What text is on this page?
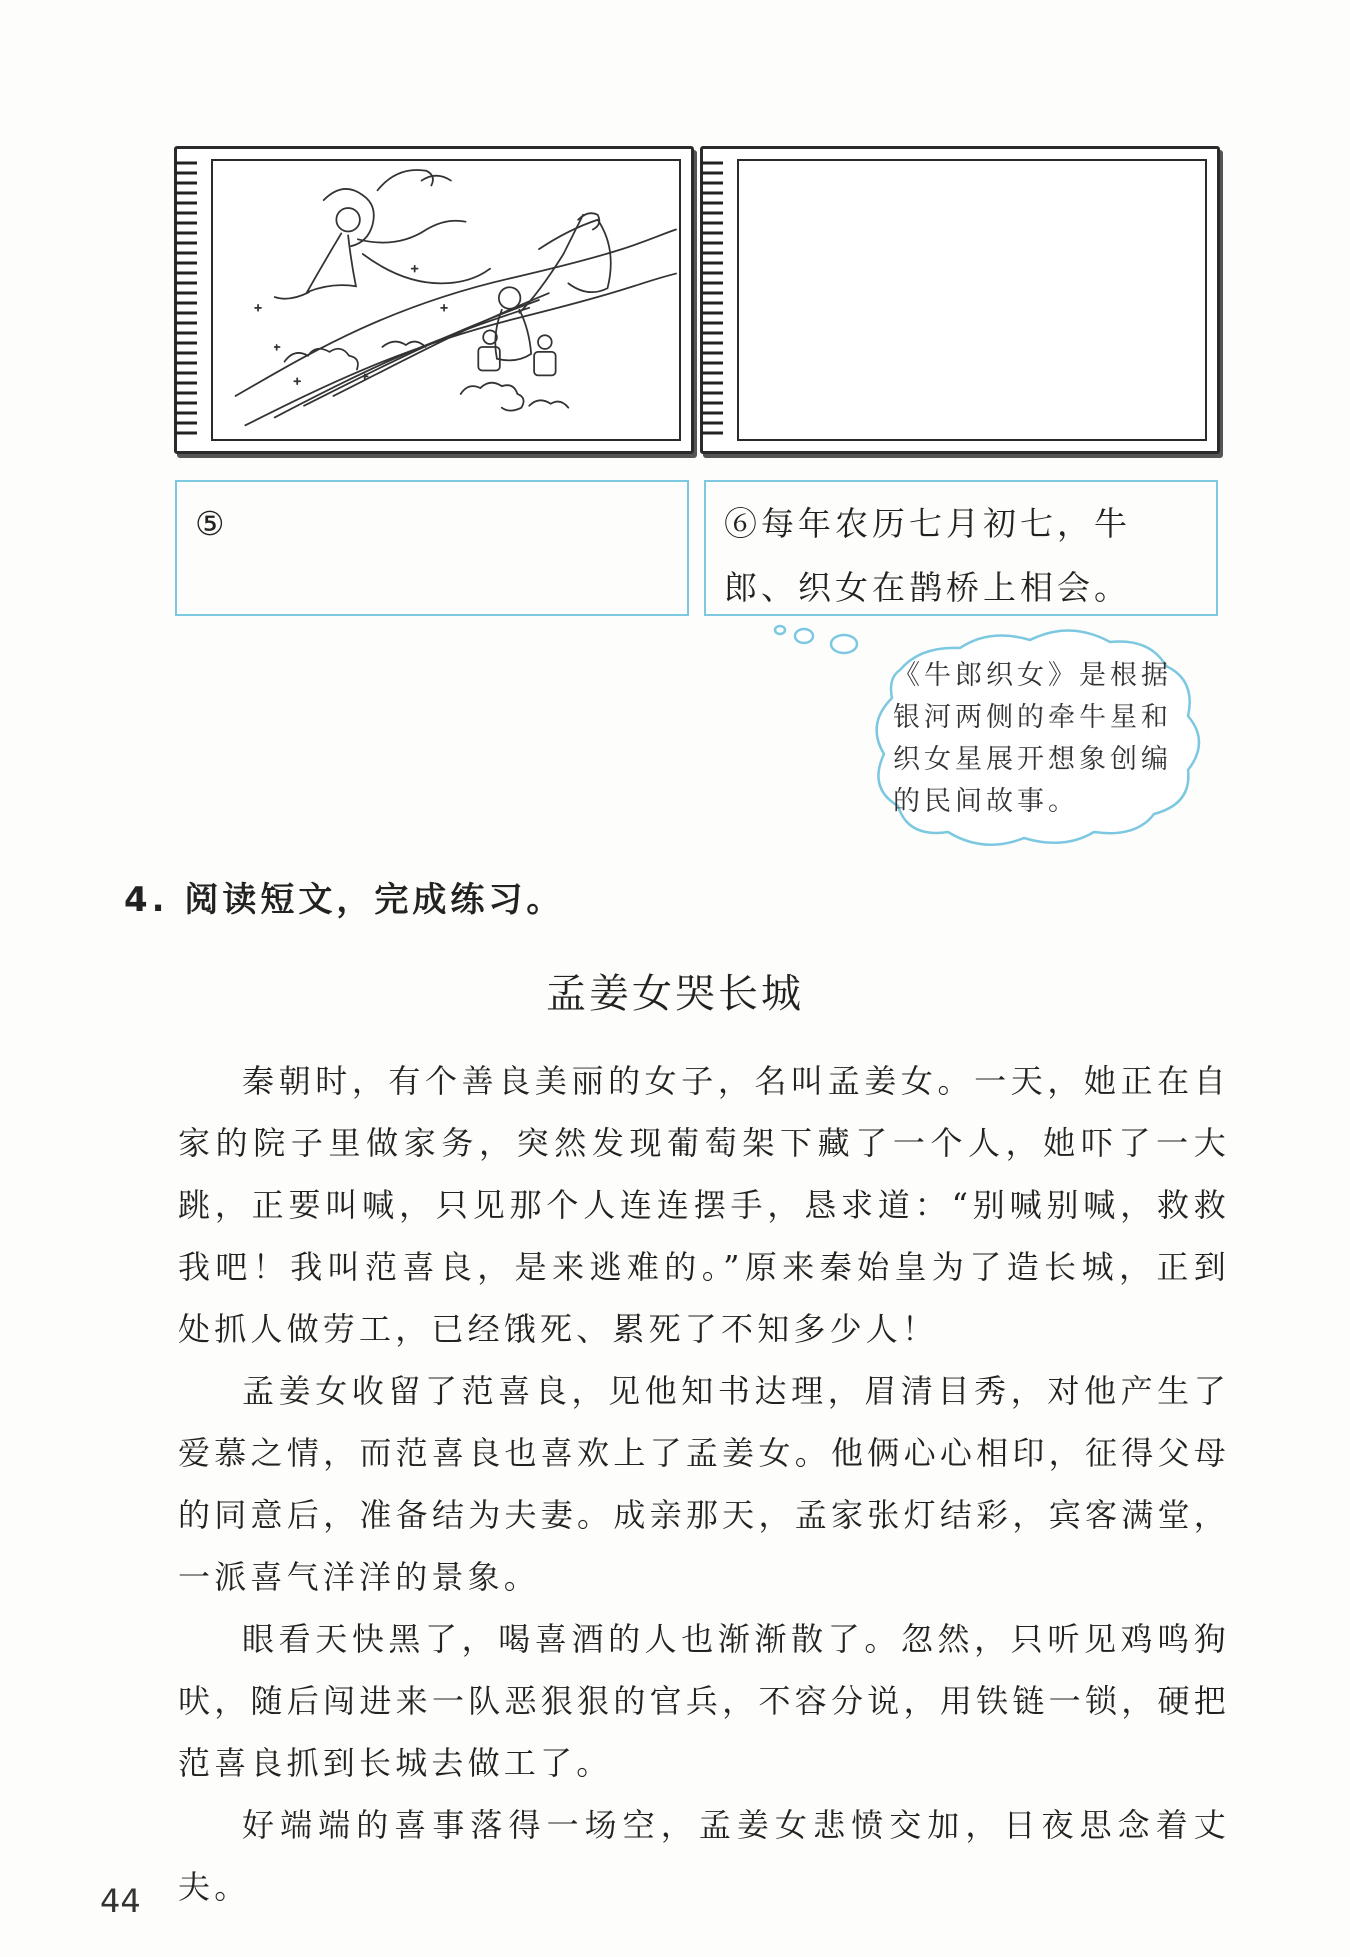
⑤	⑥每年农历七月初七，牛郎、织女在鹊桥上相会。
《牛郎织女》是根据银河两侧的牵牛星和织女星展开想象创编的民间故事。
4. 阅读短文，完成练习。
孟姜女哭长城

秦朝时，有个善良美丽的女子，名叫孟姜女。一天，她正在自家的院子里做家务，突然发现葡萄架下藏了一个人，她吓了一大跳，正要叫喊，只见那个人连连摆手，恳求道：“别喊别喊，救救我吧！我叫范喜良，是来逃难的。”原来秦始皇为了造长城，正到处抓人做劳工，已经饿死、累死了不知多少人！

孟姜女收留了范喜良，见他知书达理，眉清目秀，对他产生了爱慕之情，而范喜良也喜欢上了孟姜女。他俩心心相印，征得父母的同意后，准备结为夫妻。成亲那天，孟家张灯结彩，宾客满堂，一派喜气洋洋的景象。

眼看天快黑了，喝喜酒的人也渐渐散了。忽然，只听见鸡鸣狗吠，随后闯进来一队恶狠狠的官兵，不容分说，用铁链一锁，硬把范喜良抓到长城去做工了。

好端端的喜事落得一场空，孟姜女悲愤交加，日夜思念着丈夫。

44
